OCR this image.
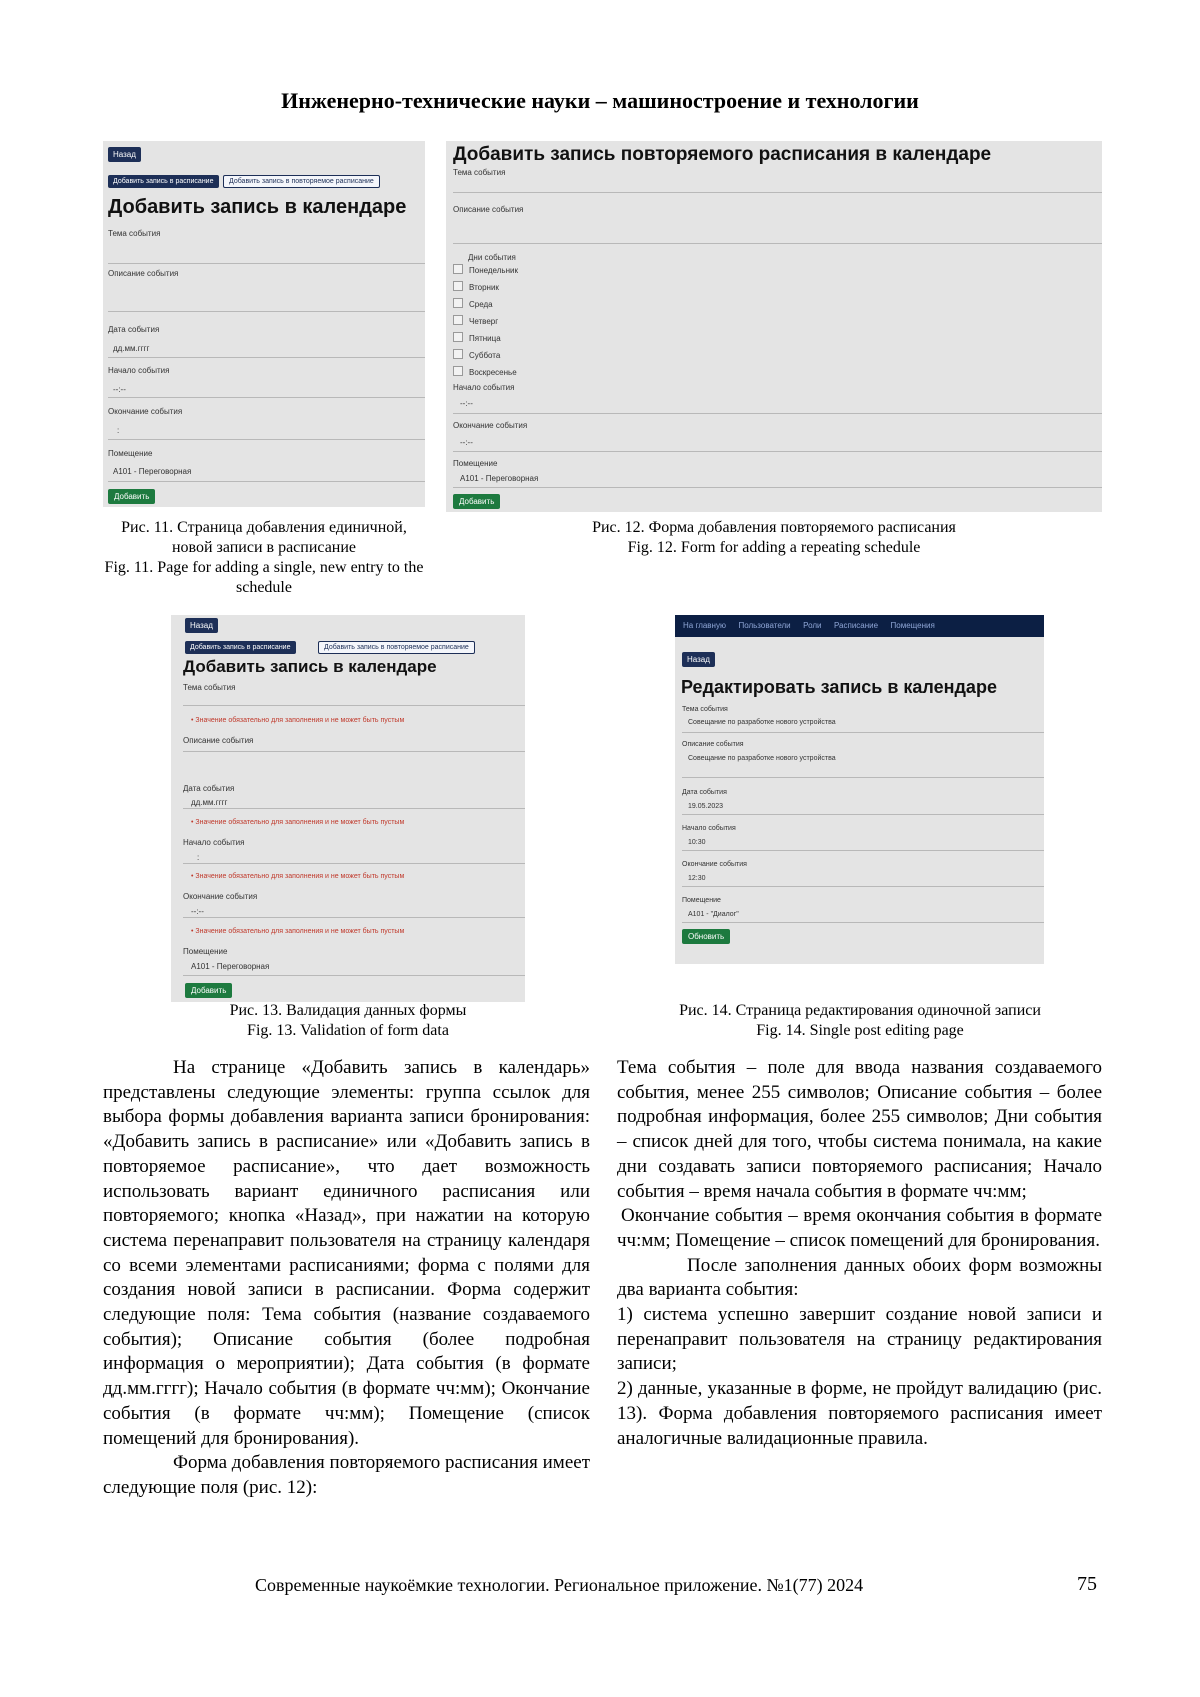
Инженерно-технические науки – машиностроение и технологии
Назад
Добавить запись в расписание	Добавить запись в повторяемое расписание
Добавить запись в календаре
Тема события
Описание события
Дата события
дд.мм.гггг
Начало события
--:--
Окончание события
:
Помещение
А101 - Переговорная
Добавить
Рис. 11. Страница добавления единичной, новой записи в расписание
Fig. 11. Page for adding a single, new entry to the schedule
Добавить запись повторяемого расписания в календаре
Тема события
Описание события
Дни события
Понедельник
Вторник
Среда
Четверг
Пятница
Суббота
Воскресенье
Начало события
--:--
Окончание события
--:--
Помещение
А101 - Переговорная
Добавить
Рис. 12. Форма добавления повторяемого расписания
Fig. 12. Form for adding a repeating schedule
Назад
Добавить запись в расписание	Добавить запись в повторяемое расписание
Добавить запись в календаре
Тема события
• Значение обязательно для заполнения и не может быть пустым
Описание события
Дата события
дд.мм.гггг
• Значение обязательно для заполнения и не может быть пустым
Начало события
:
• Значение обязательно для заполнения и не может быть пустым
Окончание события
--:--
• Значение обязательно для заполнения и не может быть пустым
Помещение
А101 - Переговорная
Добавить
Рис. 13. Валидация данных формы
Fig. 13. Validation of form data
На главную Пользователи Роли Расписание Помещения
Назад
Редактировать запись в календаре
Тема события
Совещание по разработке нового устройства
Описание события
Совещание по разработке нового устройства
Дата события
19.05.2023
Начало события
10:30
Окончание события
12:30
Помещение
А101 - "Диалог"
Обновить
Рис. 14. Страница редактирования одиночной записи
Fig. 14. Single post editing page

На странице «Добавить запись в календарь» представлены следующие элементы: группа ссылок для выбора формы добавления варианта записи бронирования: «Добавить запись в расписание» или «Добавить запись в повторяемое расписание», что дает возможность использовать вариант единичного расписания или повторяемого; кнопка «Назад», при нажатии на которую система перенаправит пользователя на страницу календаря со всеми элементами расписаниями; форма с полями для создания новой записи в расписании. Форма содержит следующие поля: Тема события (название создаваемого события); Описание события (более подробная информация о мероприятии); Дата события (в формате дд.мм.гггг); Начало события (в формате чч:мм); Окончание события (в формате чч:мм); Помещение (список помещений для бронирования).

Форма добавления повторяемого расписания имеет следующие поля (рис. 12):

Тема события – поле для ввода названия создаваемого события, менее 255 символов; Описание события – более подробная информация, более 255 символов; Дни события – список дней для того, чтобы система понимала, на какие дни создавать записи повторяемого расписания; Начало события – время начала события в формате чч:мм;

Окончание события – время окончания события в формате чч:мм; Помещение – список помещений для бронирования.

После заполнения данных обоих форм возможны два варианта события:

1) система успешно завершит создание новой записи и перенаправит пользователя на страницу редактирования записи;

2) данные, указанные в форме, не пройдут валидацию (рис. 13). Форма добавления повторяемого расписания имеет аналогичные валидационные правила.

Современные наукоёмкие технологии. Региональное приложение. №1(77) 2024	75
